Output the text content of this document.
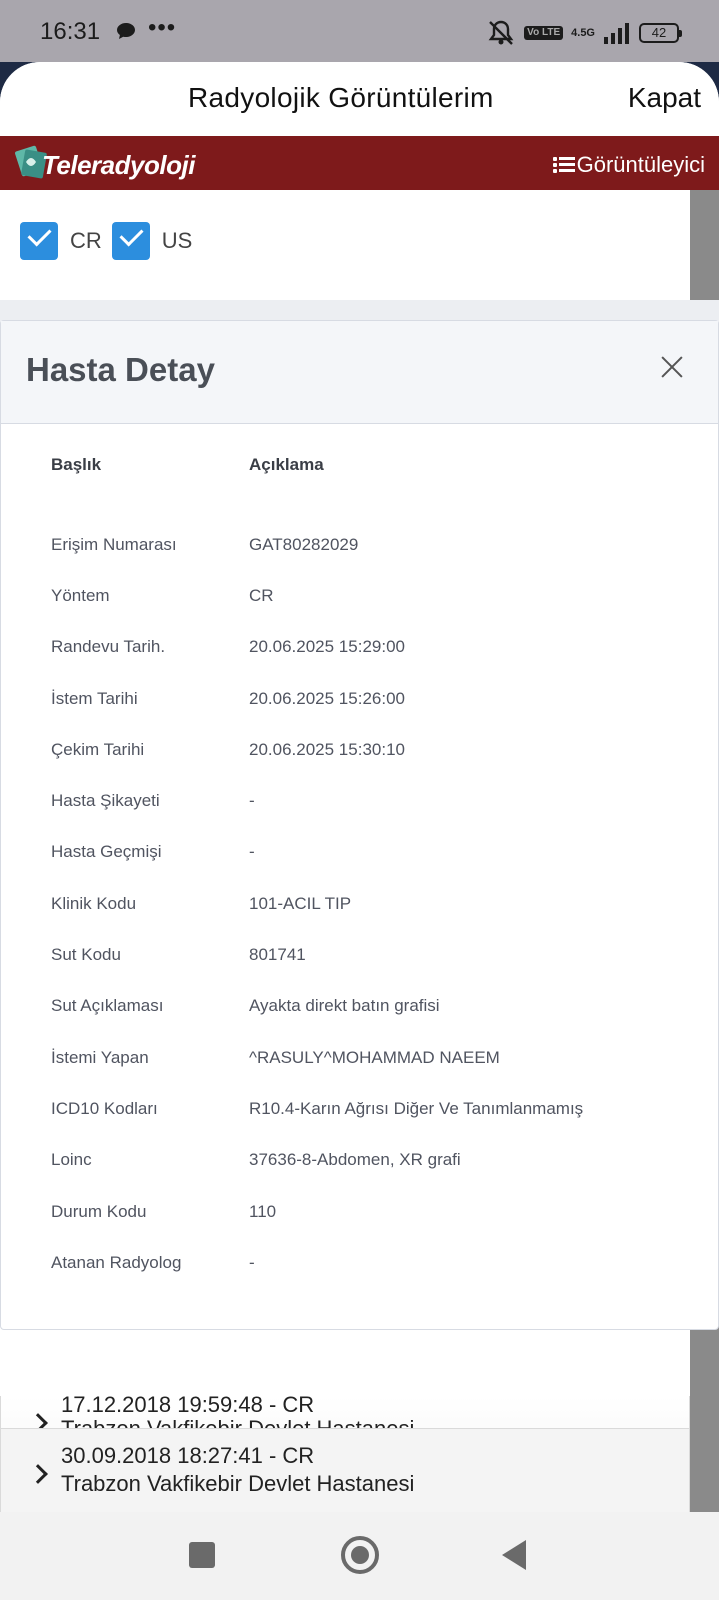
16:31 •••	Vo LTE 4.5G	42
Radyolojik Görüntülerim	Kapat
Teleradyoloji	Görüntüleyici
CR	US
17.12.2018 19:59:48 - CR
30.09.2018 18:27:41 - CR
Trabzon Vakfikebir Devlet Hastanesi
Hasta Detay
Başlık	Açıklama
Erişim Numarası	GAT80282029
Yöntem	CR
Randevu Tarih.	20.06.2025 15:29:00
İstem Tarihi	20.06.2025 15:26:00
Çekim Tarihi	20.06.2025 15:30:10
Hasta Şikayeti	-
Hasta Geçmişi	-
Klinik Kodu	101-ACIL TIP
Sut Kodu	801741
Sut Açıklaması	Ayakta direkt batın grafisi
İstemi Yapan	^RASULY^MOHAMMAD NAEEM
ICD10 Kodları	R10.4-Karın Ağrısı Diğer Ve Tanımlanmamış
Loinc	37636-8-Abdomen, XR grafi
Durum Kodu	110
Atanan Radyolog	-
